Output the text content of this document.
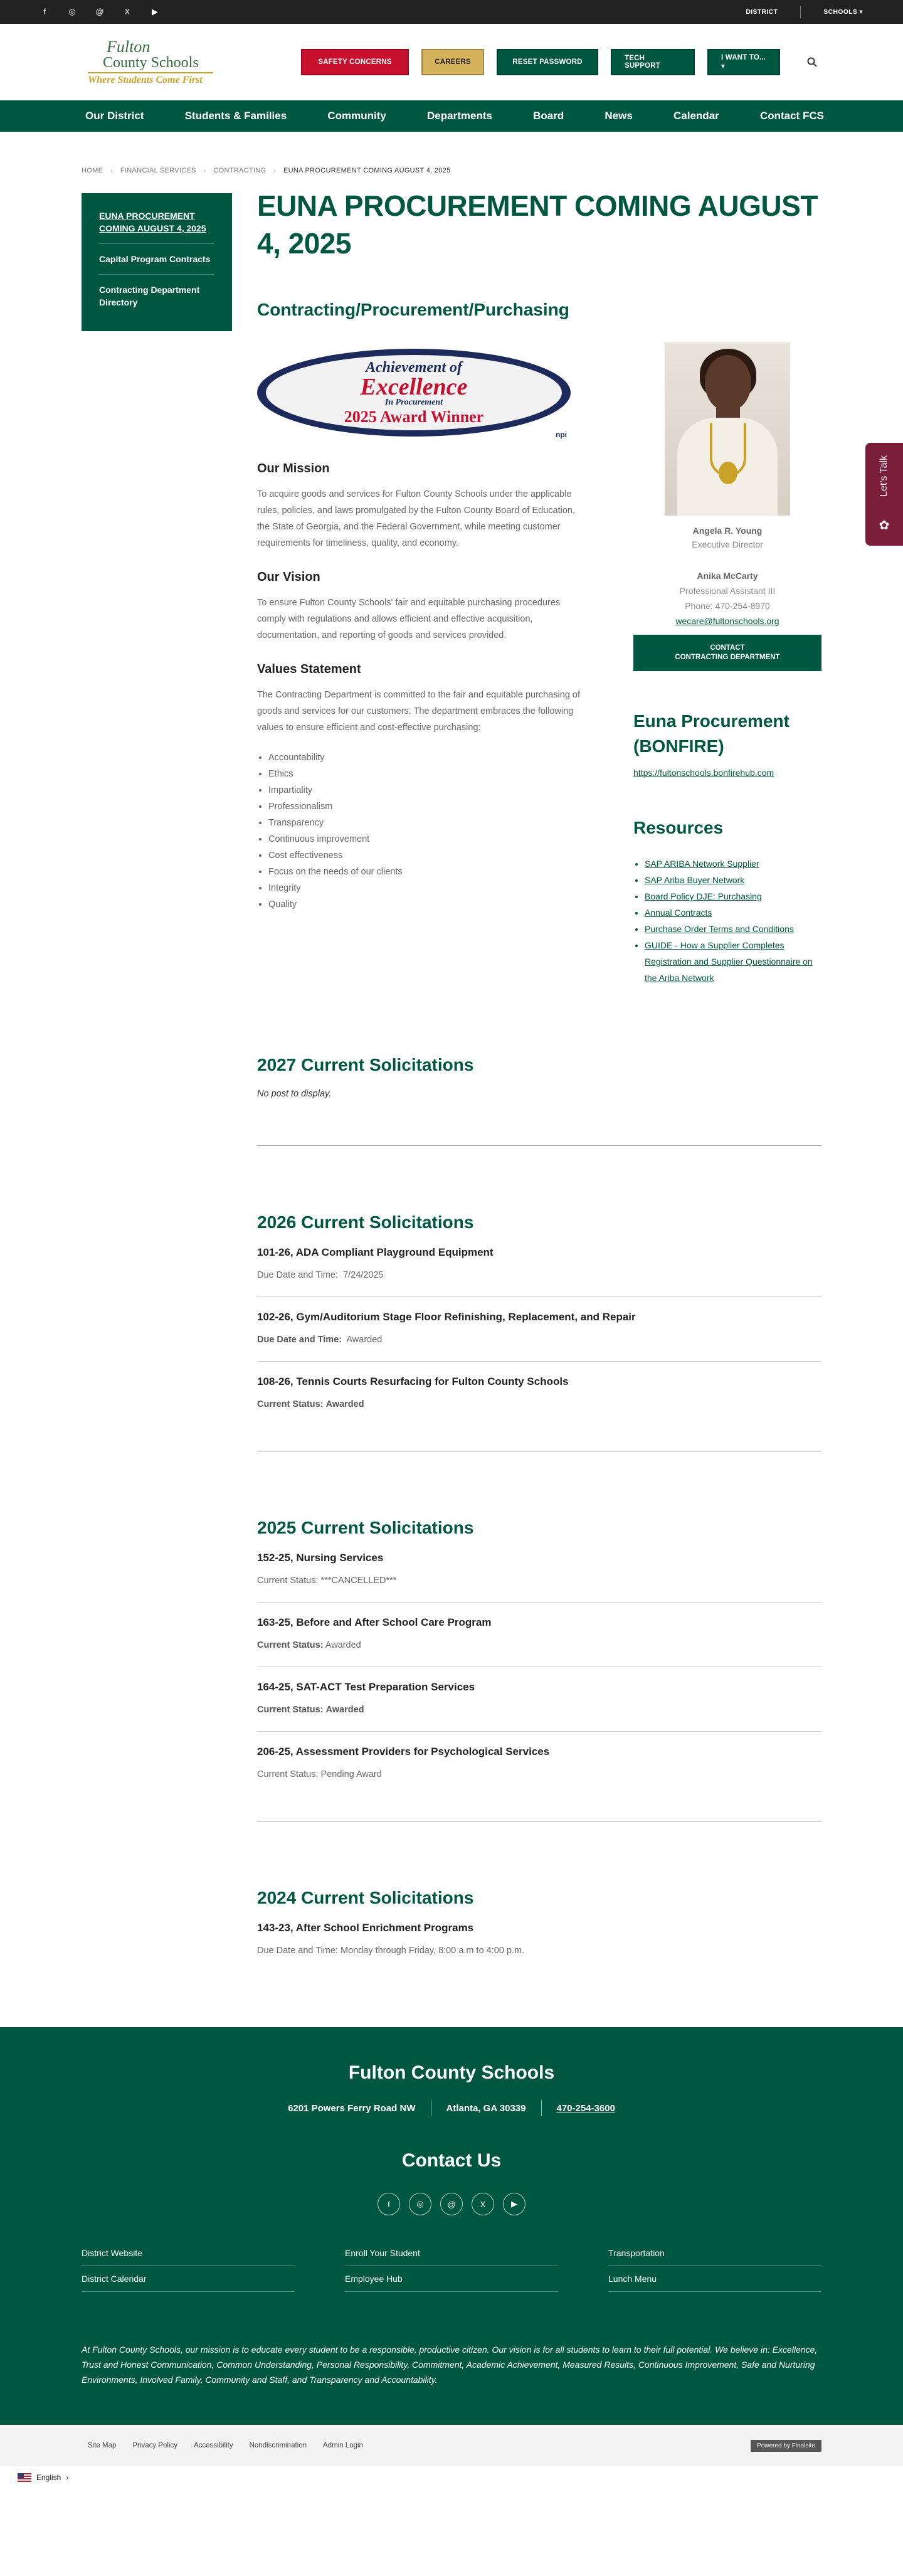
f	◎ @	X	▶	DISTRICT	SCHOOLS ▾
Fulton
County Schools
Where Students Come First
SAFETY CONCERNS	CAREERS	RESET PASSWORD	TECH SUPPORT
I WANT TO... ▾
Our District	Students & Families	Community	Departments	Board	News	Calendar	Contact FCS
HOME › FINANCIAL SERVICES › CONTRACTING › EUNA PROCUREMENT COMING AUGUST 4, 2025
EUNA PROCUREMENT COMING AUGUST 4, 2025
Capital Program Contracts
Contracting Department Directory
EUNA PROCUREMENT COMING AUGUST 4, 2025
Contracting/Procurement/Purchasing
Achievement of
Excellence
In Procurement
2025 Award Winner
npi
Our Mission

To acquire goods and services for Fulton County Schools under the applicable rules, policies, and laws promulgated by the Fulton County Board of Education, the State of Georgia, and the Federal Government, while meeting customer requirements for timeliness, quality, and economy.

Our Vision

To ensure Fulton County Schools' fair and equitable purchasing procedures comply with regulations and allows efficient and effective acquisition, documentation, and reporting of goods and services provided.

Values Statement

The Contracting Department is committed to the fair and equitable purchasing of goods and services for our customers. The department embraces the following values to ensure efficient and cost-effective purchasing:

• Accountability
• Ethics
• Impartiality
• Professionalism
• Transparency
• Continuous improvement
• Cost effectiveness
• Focus on the needs of our clients
• Integrity
• Quality
Angela R. Young
Executive Director
Anika McCarty
Professional Assistant III
Phone: 470-254-8970
wecare@fultonschools.org
CONTACT
CONTRACTING DEPARTMENT
Euna Procurement (BONFIRE)
https://fultonschools.bonfirehub.com
Resources
• SAP ARIBA Network Supplier
• SAP Ariba Buyer Network
• Board Policy DJE: Purchasing
• Annual Contracts
• Purchase Order Terms and Conditions
• GUIDE - How a Supplier Completes Registration and Supplier Questionnaire on the Ariba Network
2027 Current Solicitations
No post to display.
2026 Current Solicitations
101-26, ADA Compliant Playground Equipment
Due Date and Time: 7/24/2025
102-26, Gym/Auditorium Stage Floor Refinishing, Replacement, and Repair
Due Date and Time: Awarded
108-26, Tennis Courts Resurfacing for Fulton County Schools
Current Status: Awarded
2025 Current Solicitations
152-25, Nursing Services
Current Status: ***CANCELLED***
163-25, Before and After School Care Program
Current Status: Awarded
164-25, SAT-ACT Test Preparation Services
Current Status: Awarded
206-25, Assessment Providers for Psychological Services
Current Status: Pending Award
2024 Current Solicitations
143-23, After School Enrichment Programs
Due Date and Time: Monday through Friday, 8:00 a.m to 4:00 p.m.
Fulton County Schools
6201 Powers Ferry Road NW	Atlanta, GA 30339	470-254-3600
Contact Us
f	◎	@	X	▶
District Website	Enroll Your Student	Transportation
District Calendar	Employee Hub	Lunch Menu

At Fulton County Schools, our mission is to educate every student to be a responsible, productive citizen. Our vision is for all students to learn to their full potential. We believe in: Excellence, Trust and Honest Communication, Common Understanding, Personal Responsibility, Commitment, Academic Achievement, Measured Results, Continuous Improvement, Safe and Nurturing Environments, Involved Family, Community and Staff, and Transparency and Accountability.

Site Map Privacy Policy Accessibility Nondiscrimination Admin Login	Powered by Finalsite
English ›
Let's Talk
✿
